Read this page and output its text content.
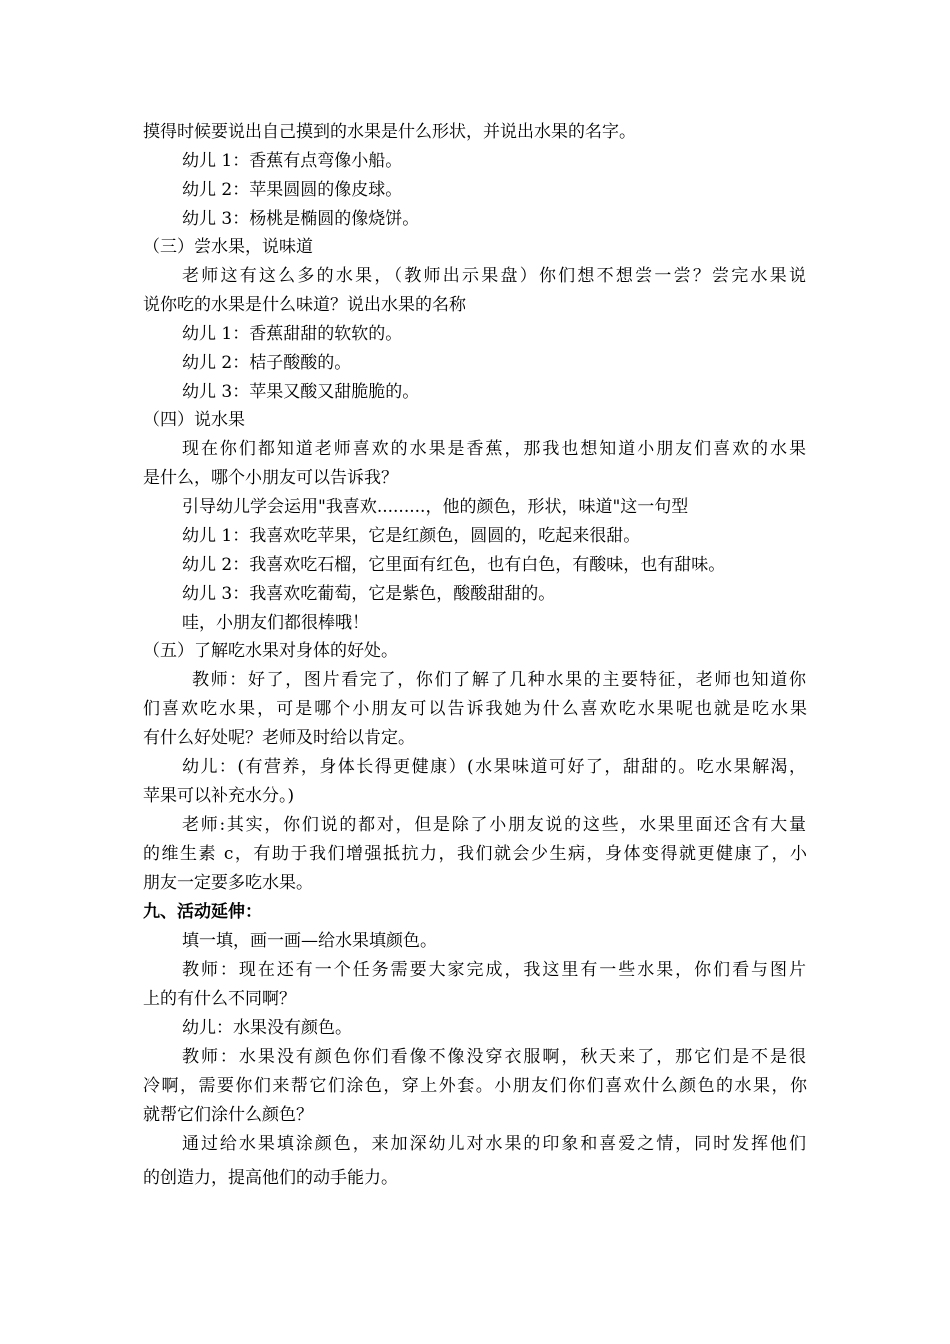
摸得时候要说出自己摸到的水果是什么形状，并说出水果的名字。

幼儿 1：香蕉有点弯像小船。

幼儿 2：苹果圆圆的像皮球。

幼儿 3：杨桃是椭圆的像烧饼。

（三）尝水果，说味道

老师这有这么多的水果，（教师出示果盘）你们想不想尝一尝？尝完水果说

说你吃的水果是什么味道？说出水果的名称

幼儿 1：香蕉甜甜的软软的。

幼儿 2：桔子酸酸的。

幼儿 3：苹果又酸又甜脆脆的。

（四）说水果

现在你们都知道老师喜欢的水果是香蕉，那我也想知道小朋友们喜欢的水果

是什么，哪个小朋友可以告诉我？

引导幼儿学会运用"我喜欢.........，他的颜色，形状，味道"这一句型

幼儿 1：我喜欢吃苹果，它是红颜色，圆圆的，吃起来很甜。

幼儿 2：我喜欢吃石榴，它里面有红色，也有白色，有酸味，也有甜味。

幼儿 3：我喜欢吃葡萄，它是紫色，酸酸甜甜的。

哇，小朋友们都很棒哦！

（五）了解吃水果对身体的好处。

教师：好了，图片看完了，你们了解了几种水果的主要特征，老师也知道你

们喜欢吃水果，可是哪个小朋友可以告诉我她为什么喜欢吃水果呢也就是吃水果

有什么好处呢？老师及时给以肯定。

幼儿：(有营养，身体长得更健康）(水果味道可好了，甜甜的。吃水果解渴，

苹果可以补充水分。)

老师:其实，你们说的都对，但是除了小朋友说的这些，水果里面还含有大量

的维生素 c，有助于我们增强抵抗力，我们就会少生病，身体变得就更健康了，小

朋友一定要多吃水果。

九、活动延伸：

填一填，画一画—给水果填颜色。

教师：现在还有一个任务需要大家完成，我这里有一些水果，你们看与图片

上的有什么不同啊？

幼儿：水果没有颜色。

教师：水果没有颜色你们看像不像没穿衣服啊，秋天来了，那它们是不是很

冷啊，需要你们来帮它们涂色，穿上外套。小朋友们你们喜欢什么颜色的水果，你

就帮它们涂什么颜色？

通过给水果填涂颜色，来加深幼儿对水果的印象和喜爱之情，同时发挥他们

的创造力，提高他们的动手能力。
